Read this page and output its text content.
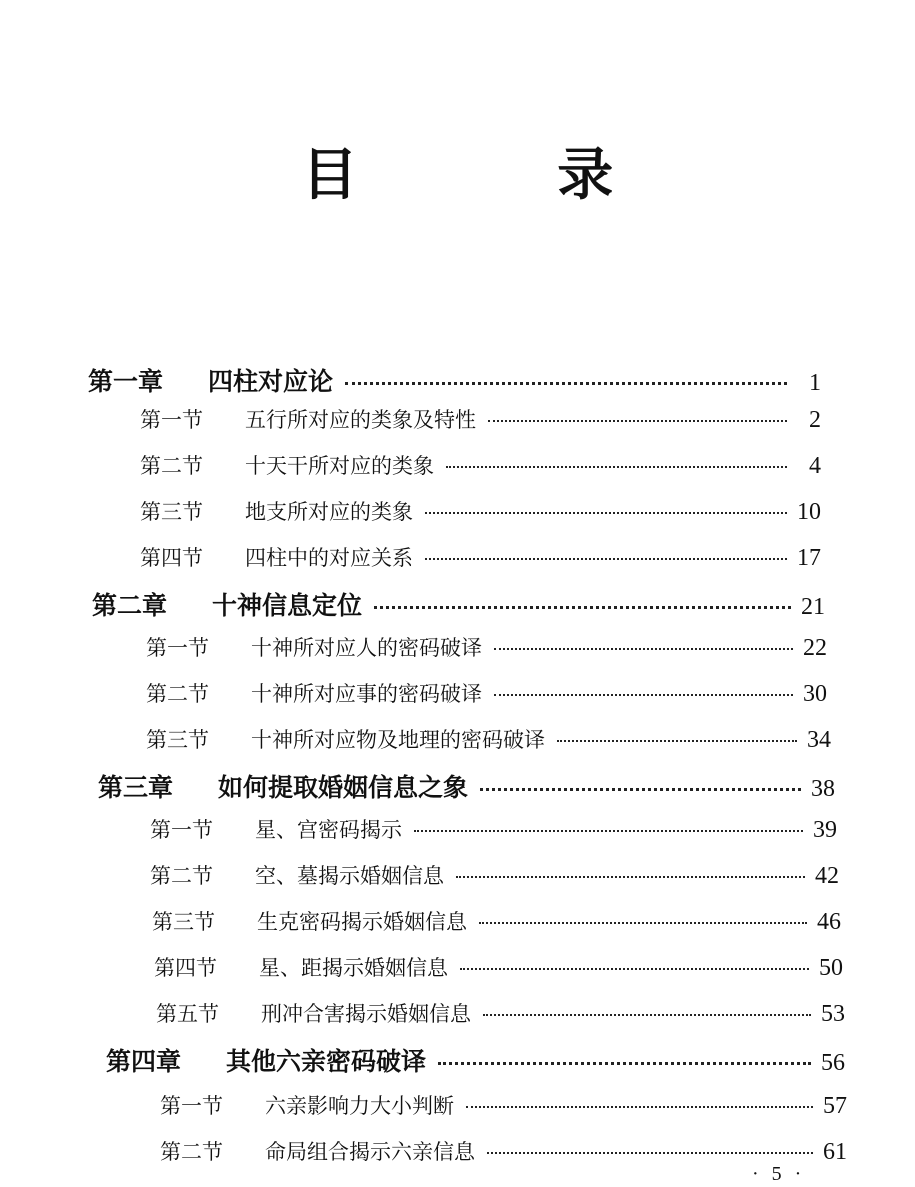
目 录
第一章	四柱对应论	1
第一节	五行所对应的类象及特性	2
第二节	十天干所对应的类象	4
第三节	地支所对应的类象	10
第四节	四柱中的对应关系	17
第二章	十神信息定位	21
第一节	十神所对应人的密码破译	22
第二节	十神所对应事的密码破译	30
第三节	十神所对应物及地理的密码破译	34
第三章	如何提取婚姻信息之象	38
第一节	星、宫密码揭示	39
第二节	空、墓揭示婚姻信息	42
第三节	生克密码揭示婚姻信息	46
第四节	星、距揭示婚姻信息	50
第五节	刑冲合害揭示婚姻信息	53
第四章	其他六亲密码破译	56
第一节	六亲影响力大小判断	57
第二节	命局组合揭示六亲信息	61
· 5 ·
